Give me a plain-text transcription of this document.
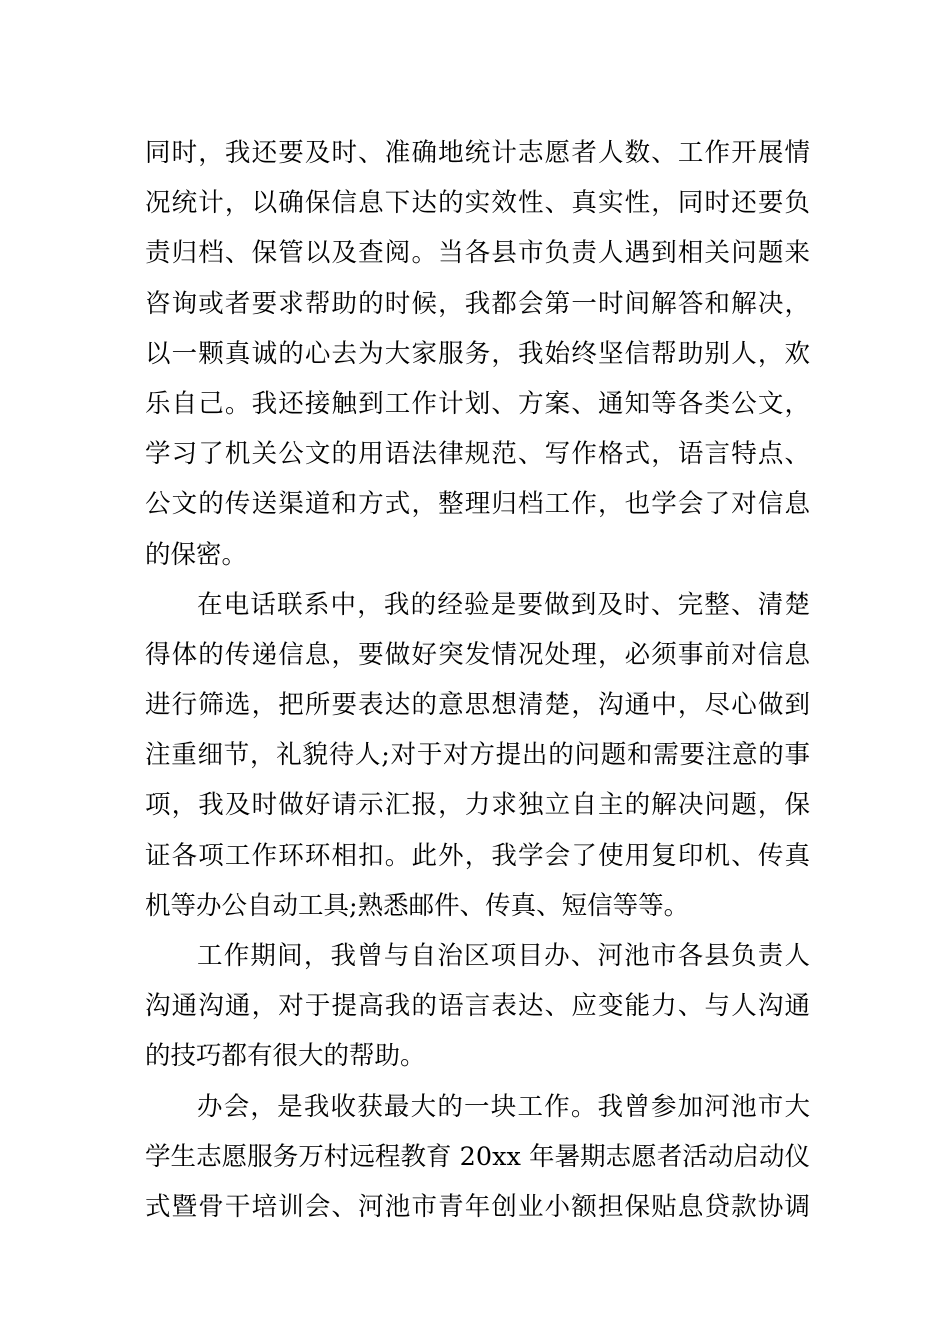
同时，我还要及时、准确地统计志愿者人数、工作开展情
况统计，以确保信息下达的实效性、真实性，同时还要负
责归档、保管以及查阅。当各县市负责人遇到相关问题来
咨询或者要求帮助的时候，我都会第一时间解答和解决，
以一颗真诚的心去为大家服务，我始终坚信帮助别人，欢
乐自己。我还接触到工作计划、方案、通知等各类公文，
学习了机关公文的用语法律规范、写作格式，语言特点、
公文的传送渠道和方式，整理归档工作，也学会了对信息
的保密。
在电话联系中，我的经验是要做到及时、完整、清楚
得体的传递信息，要做好突发情况处理，必须事前对信息
进行筛选，把所要表达的意思想清楚，沟通中，尽心做到
注重细节，礼貌待人;对于对方提出的问题和需要注意的事
项，我及时做好请示汇报，力求独立自主的解决问题，保
证各项工作环环相扣。此外，我学会了使用复印机、传真
机等办公自动工具;熟悉邮件、传真、短信等等。
工作期间，我曾与自治区项目办、河池市各县负责人
沟通沟通，对于提高我的语言表达、应变能力、与人沟通
的技巧都有很大的帮助。
办会，是我收获最大的一块工作。我曾参加河池市大
学生志愿服务万村远程教育 20xx 年暑期志愿者活动启动仪
式暨骨干培训会、河池市青年创业小额担保贴息贷款协调
